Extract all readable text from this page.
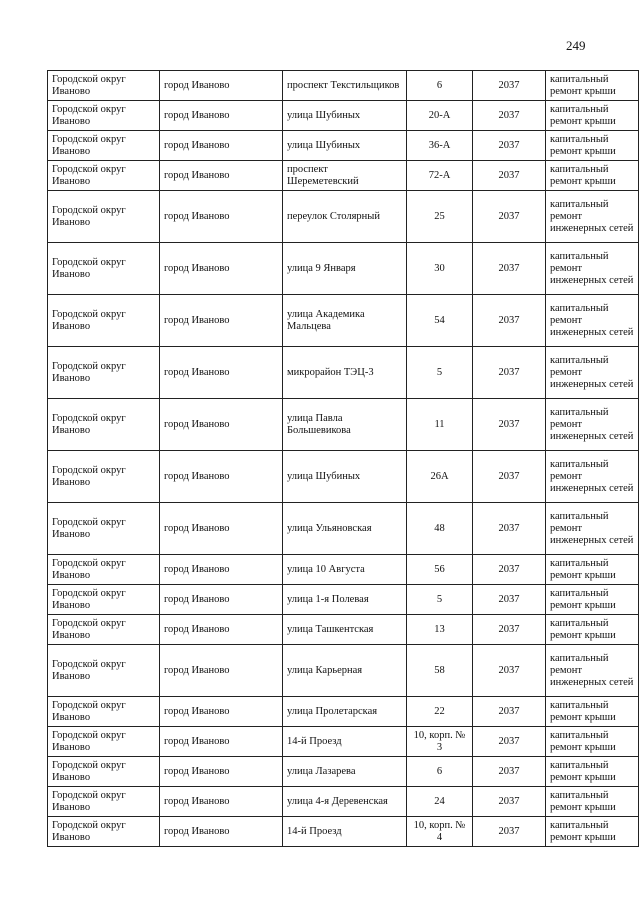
249
Городской округ Иваново	город Иваново	проспект Текстильщиков	6	2037	капитальный ремонт крыши
Городской округ Иваново	город Иваново	улица Шубиных	20-А	2037	капитальный ремонт крыши
Городской округ Иваново	город Иваново	улица Шубиных	36-А	2037	капитальный ремонт крыши
Городской округ Иваново	город Иваново	проспект Шереметевский	72-А	2037	капитальный ремонт крыши
Городской округ Иваново	город Иваново	переулок Столярный	25	2037	капитальный ремонт инженерных сетей
Городской округ Иваново	город Иваново	улица 9 Января	30	2037	капитальный ремонт инженерных сетей
Городской округ Иваново	город Иваново	улица Академика Мальцева	54	2037	капитальный ремонт инженерных сетей
Городской округ Иваново	город Иваново	микрорайон ТЭЦ-3	5	2037	капитальный ремонт инженерных сетей
Городской округ Иваново	город Иваново	улица Павла Большевикова	11	2037	капитальный ремонт инженерных сетей
Городской округ Иваново	город Иваново	улица Шубиных	26А	2037	капитальный ремонт инженерных сетей
Городской округ Иваново	город Иваново	улица Ульяновская	48	2037	капитальный ремонт инженерных сетей
Городской округ Иваново	город Иваново	улица 10 Августа	56	2037	капитальный ремонт крыши
Городской округ Иваново	город Иваново	улица 1-я Полевая	5	2037	капитальный ремонт крыши
Городской округ Иваново	город Иваново	улица Ташкентская	13	2037	капитальный ремонт крыши
Городской округ Иваново	город Иваново	улица Карьерная	58	2037	капитальный ремонт инженерных сетей
Городской округ Иваново	город Иваново	улица Пролетарская	22	2037	капитальный ремонт крыши
Городской округ Иваново	город Иваново	14-й Проезд	10, корп. № 3	2037	капитальный ремонт крыши
Городской округ Иваново	город Иваново	улица Лазарева	6	2037	капитальный ремонт крыши
Городской округ Иваново	город Иваново	улица 4-я Деревенская	24	2037	капитальный ремонт крыши
Городской округ Иваново	город Иваново	14-й Проезд	10, корп. № 4	2037	капитальный ремонт крыши
